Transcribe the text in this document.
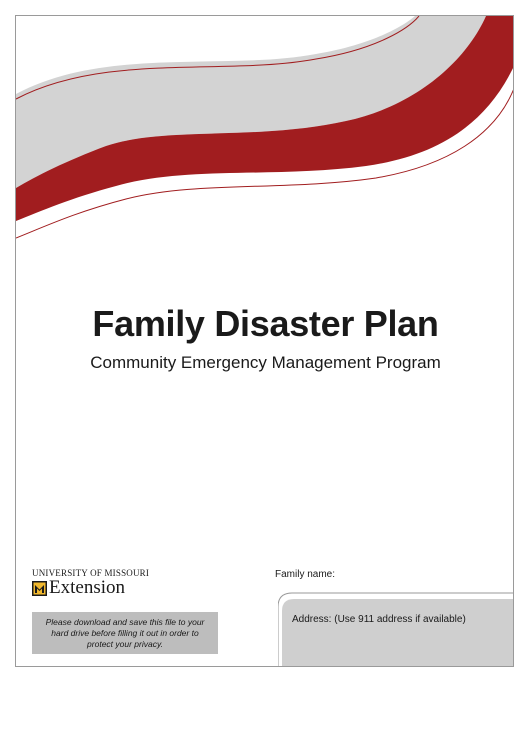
Family Disaster Plan

Community Emergency Management Program

UNIVERSITY OF MISSOURI
Extension
Please download and save this file to your hard drive before filling it out in order to protect your privacy.
Family name:
Address: (Use 911 address if available)
